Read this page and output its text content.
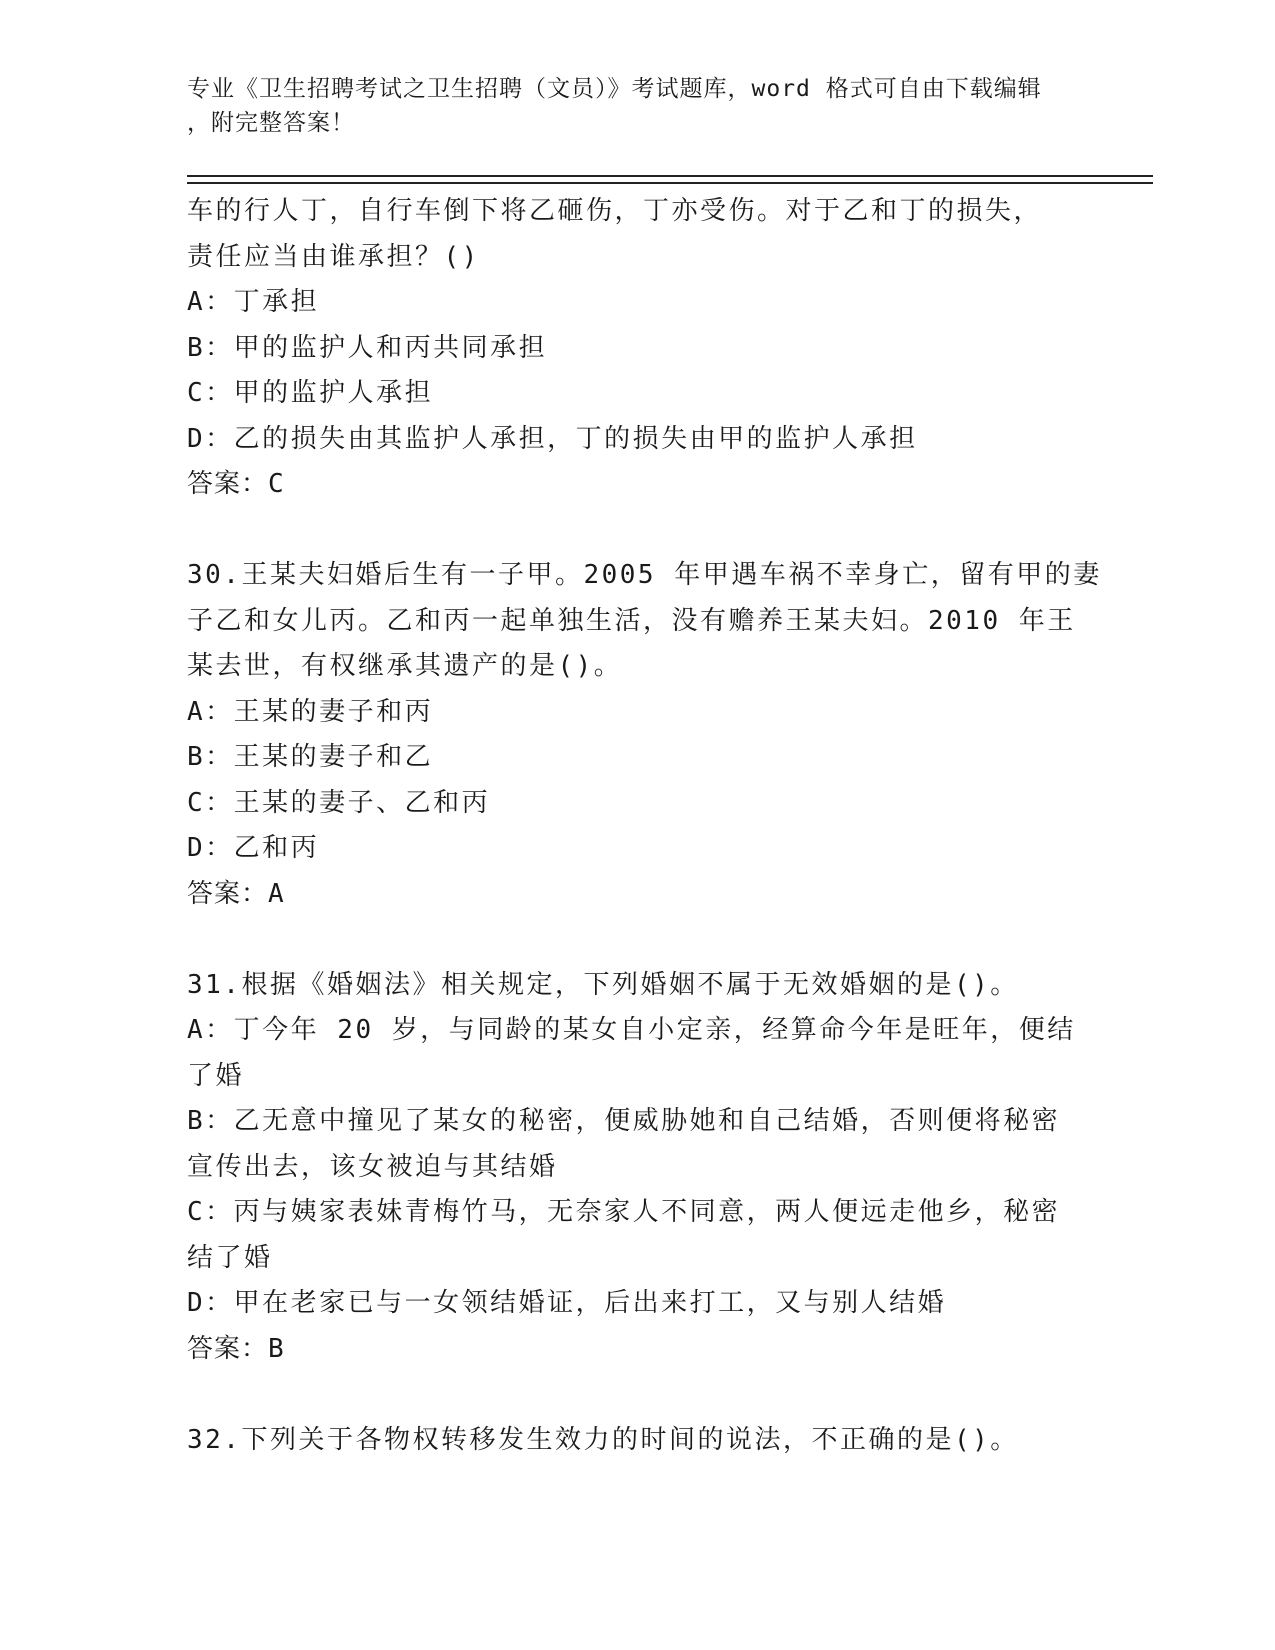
专业《卫生招聘考试之卫生招聘（文员）》考试题库，word 格式可自由下载编辑
，附完整答案！
车的行人丁，自行车倒下将乙砸伤，丁亦受伤。对于乙和丁的损失，
责任应当由谁承担？()
A：丁承担
B：甲的监护人和丙共同承担
C：甲的监护人承担
D：乙的损失由其监护人承担，丁的损失由甲的监护人承担
答案：C
30.王某夫妇婚后生有一子甲。2005 年甲遇车祸不幸身亡，留有甲的妻
子乙和女儿丙。乙和丙一起单独生活，没有赡养王某夫妇。2010 年王
某去世，有权继承其遗产的是()。
A：王某的妻子和丙
B：王某的妻子和乙
C：王某的妻子、乙和丙
D：乙和丙
答案：A
31.根据《婚姻法》相关规定，下列婚姻不属于无效婚姻的是()。
A：丁今年 20 岁，与同龄的某女自小定亲，经算命今年是旺年，便结
了婚
B：乙无意中撞见了某女的秘密，便威胁她和自己结婚，否则便将秘密
宣传出去，该女被迫与其结婚
C：丙与姨家表妹青梅竹马，无奈家人不同意，两人便远走他乡，秘密
结了婚
D：甲在老家已与一女领结婚证，后出来打工，又与别人结婚
答案：B
32.下列关于各物权转移发生效力的时间的说法，不正确的是()。
